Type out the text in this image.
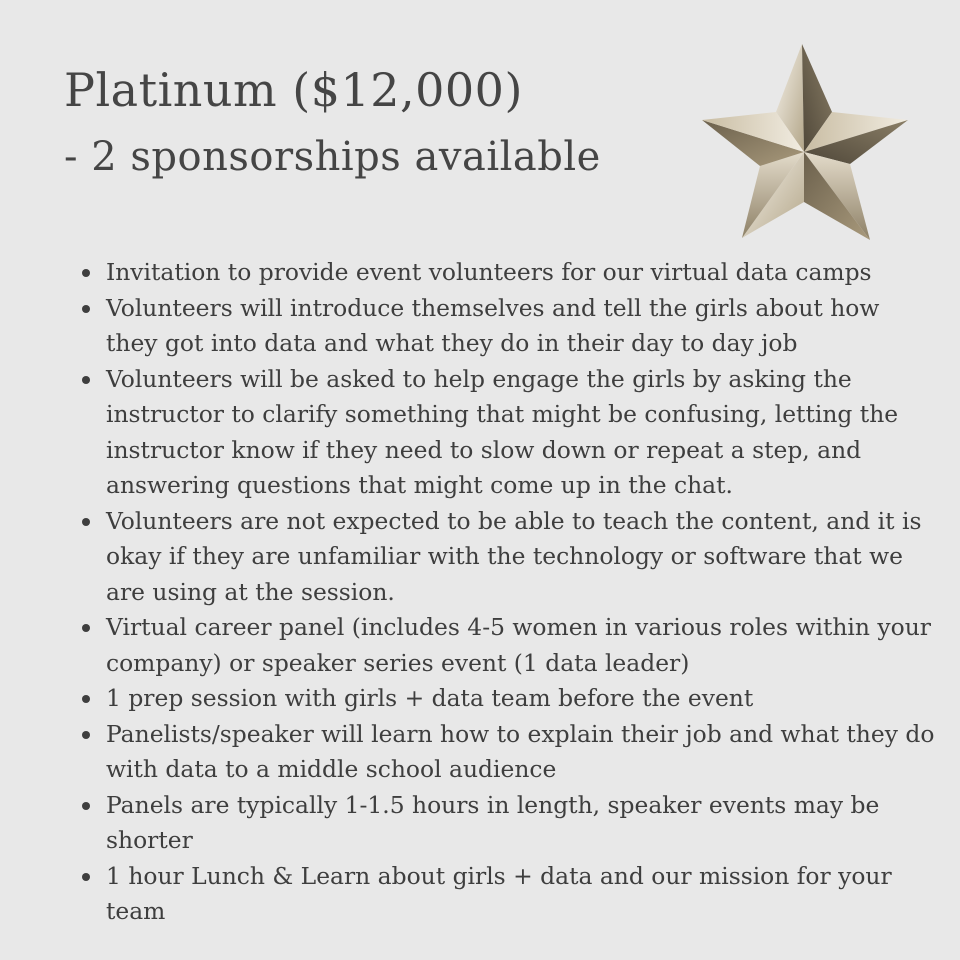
Platinum ($12,000)
- 2 sponsorships available
Invitation to provide event volunteers for our virtual data camps
Volunteers will introduce themselves and tell the girls about how they got into data and what they do in their day to day job
Volunteers will be asked to help engage the girls by asking the instructor to clarify something that might be confusing, letting the instructor know if they need to slow down or repeat a step, and answering questions that might come up in the chat.
Volunteers are not expected to be able to teach the content, and it is okay if they are unfamiliar with the technology or software that we are using at the session.
Virtual career panel (includes 4-5 women in various roles within your company) or speaker series event (1 data leader)
1 prep session with girls + data team before the event
Panelists/speaker will learn how to explain their job and what they do with data to a middle school audience
Panels are typically 1-1.5 hours in length, speaker events may be shorter
1 hour Lunch & Learn about girls + data and our mission for your team
